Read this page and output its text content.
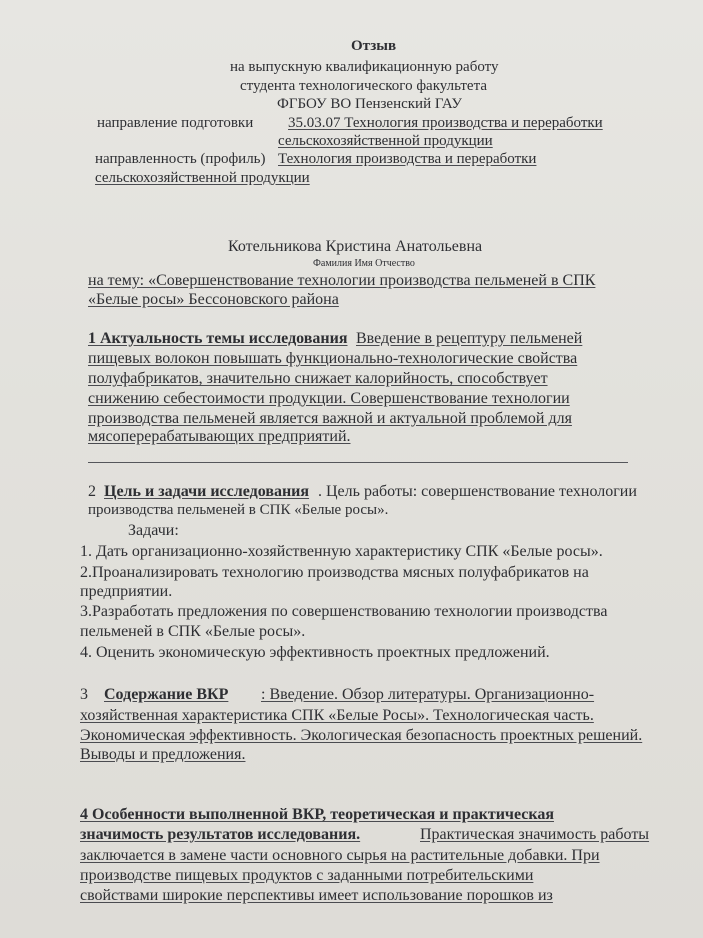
Отзыв
на выпускную квалификационную работу
студента технологического факультета
ФГБОУ ВО Пензенский ГАУ
направление подготовки 35.03.07 Технология производства и переработки
сельскохозяйственной продукции
направленность (профиль) Технология производства и переработки
сельскохозяйственной продукции
Котельникова Кристина Анатольевна
Фамилия Имя Отчество
на тему: «Совершенствование технологии производства пельменей в СПК
«Белые росы» Бессоновского района
1 Актуальность темы исследования Введение в рецептуру пельменей
пищевых волокон повышать функционально-технологические свойства
полуфабрикатов, значительно снижает калорийность, способствует
снижению себестоимости продукции. Совершенствование технологии
производства пельменей является важной и актуальной проблемой для
мясоперерабатывающих предприятий.
2 Цель и задачи исследования . Цель работы: совершенствование технологии
производства пельменей в СПК «Белые росы».
Задачи:
1. Дать организационно-хозяйственную характеристику СПК «Белые росы».
2.Проанализировать технологию производства мясных полуфабрикатов на
предприятии.
3.Разработать предложения по совершенствованию технологии производства
пельменей в СПК «Белые росы».
4. Оценить экономическую эффективность проектных предложений.
3 Содержание ВКР : Введение. Обзор литературы. Организационно-
хозяйственная характеристика СПК «Белые Росы». Технологическая часть.
Экономическая эффективность. Экологическая безопасность проектных решений.
Выводы и предложения.
4 Особенности выполненной ВКР, теоретическая и практическая
значимость результатов исследования.	Практическая значимость работы
заключается в замене части основного сырья на растительные добавки. При
производстве пищевых продуктов с заданными потребительскими
свойствами широкие перспективы имеет использование порошков из
